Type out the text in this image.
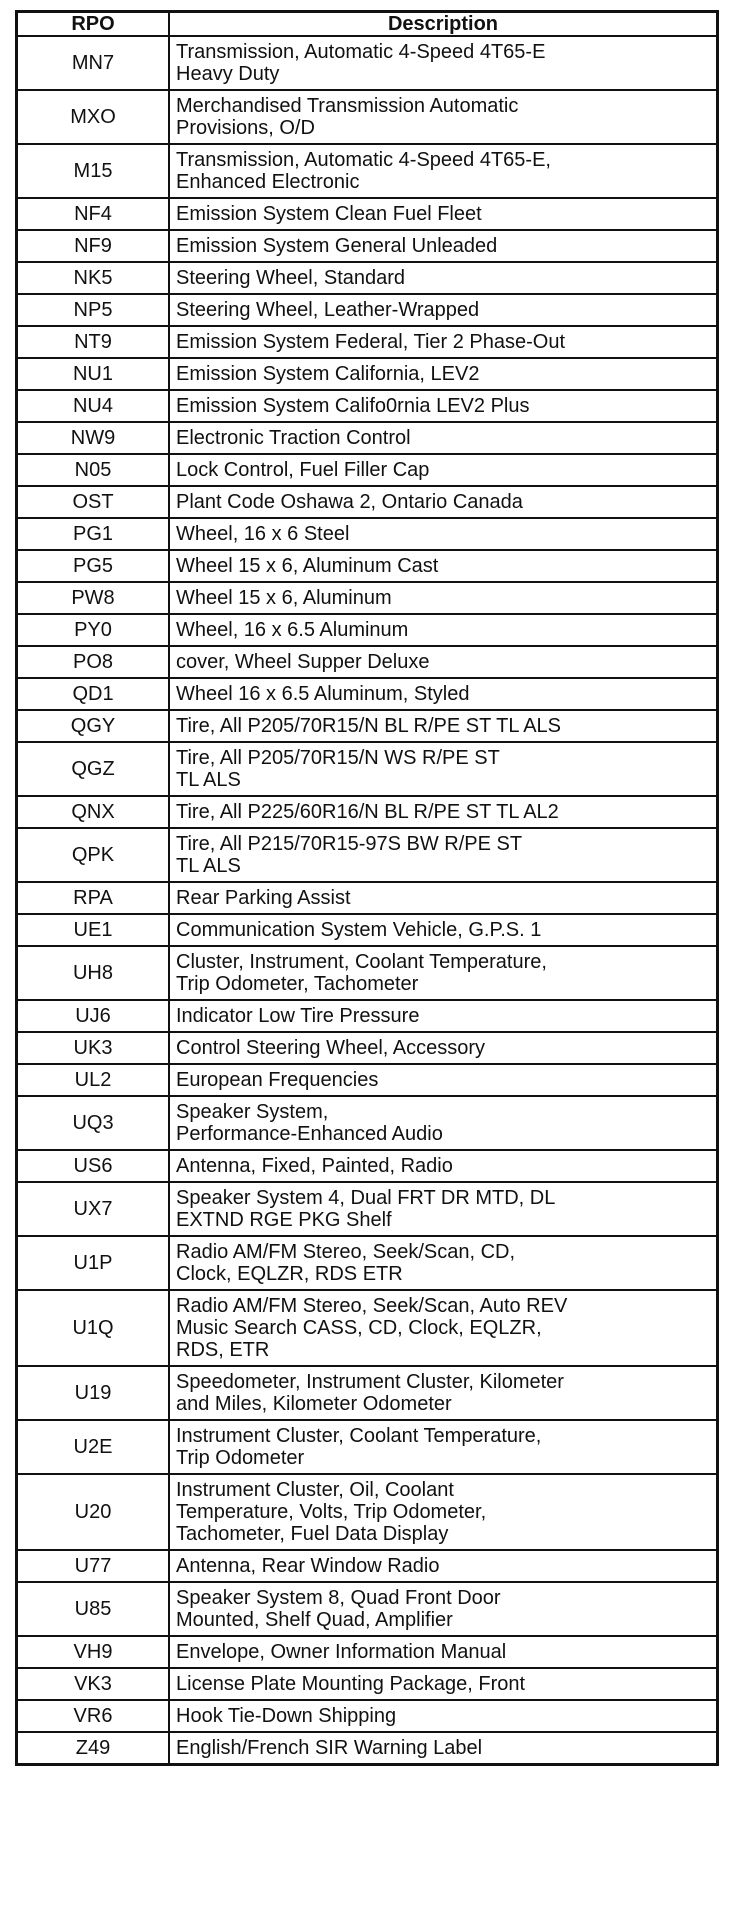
RPO	Description
MN7	Transmission, Automatic 4-Speed 4T65-E
Heavy Duty
MXO	Merchandised Transmission Automatic
Provisions, O/D
M15	Transmission, Automatic 4-Speed 4T65-E,
Enhanced Electronic
NF4	Emission System Clean Fuel Fleet
NF9	Emission System General Unleaded
NK5	Steering Wheel, Standard
NP5	Steering Wheel, Leather-Wrapped
NT9	Emission System Federal, Tier 2 Phase-Out
NU1	Emission System California, LEV2
NU4	Emission System Califo0rnia LEV2 Plus
NW9	Electronic Traction Control
N05	Lock Control, Fuel Filler Cap
OST	Plant Code Oshawa 2, Ontario Canada
PG1	Wheel, 16 x 6 Steel
PG5	Wheel 15 x 6, Aluminum Cast
PW8	Wheel 15 x 6, Aluminum
PY0	Wheel, 16 x 6.5 Aluminum
PO8	cover, Wheel Supper Deluxe
QD1	Wheel 16 x 6.5 Aluminum, Styled
QGY	Tire, All P205/70R15/N BL R/PE ST TL ALS
QGZ	Tire, All P205/70R15/N WS R/PE ST
TL ALS
QNX	Tire, All P225/60R16/N BL R/PE ST TL AL2
QPK	Tire, All P215/70R15-97S BW R/PE ST
TL ALS
RPA	Rear Parking Assist
UE1	Communication System Vehicle, G.P.S. 1
UH8	Cluster, Instrument, Coolant Temperature,
Trip Odometer, Tachometer
UJ6	Indicator Low Tire Pressure
UK3	Control Steering Wheel, Accessory
UL2	European Frequencies
UQ3	Speaker System,
Performance-Enhanced Audio
US6	Antenna, Fixed, Painted, Radio
UX7	Speaker System 4, Dual FRT DR MTD, DL
EXTND RGE PKG Shelf
U1P	Radio AM/FM Stereo, Seek/Scan, CD,
Clock, EQLZR, RDS ETR
U1Q	Radio AM/FM Stereo, Seek/Scan, Auto REV
Music Search CASS, CD, Clock, EQLZR,
RDS, ETR
U19	Speedometer, Instrument Cluster, Kilometer
and Miles, Kilometer Odometer
U2E	Instrument Cluster, Coolant Temperature,
Trip Odometer
U20	Instrument Cluster, Oil, Coolant
Temperature, Volts, Trip Odometer,
Tachometer, Fuel Data Display
U77	Antenna, Rear Window Radio
U85	Speaker System 8, Quad Front Door
Mounted, Shelf Quad, Amplifier
VH9	Envelope, Owner Information Manual
VK3	License Plate Mounting Package, Front
VR6	Hook Tie-Down Shipping
Z49	English/French SIR Warning Label
